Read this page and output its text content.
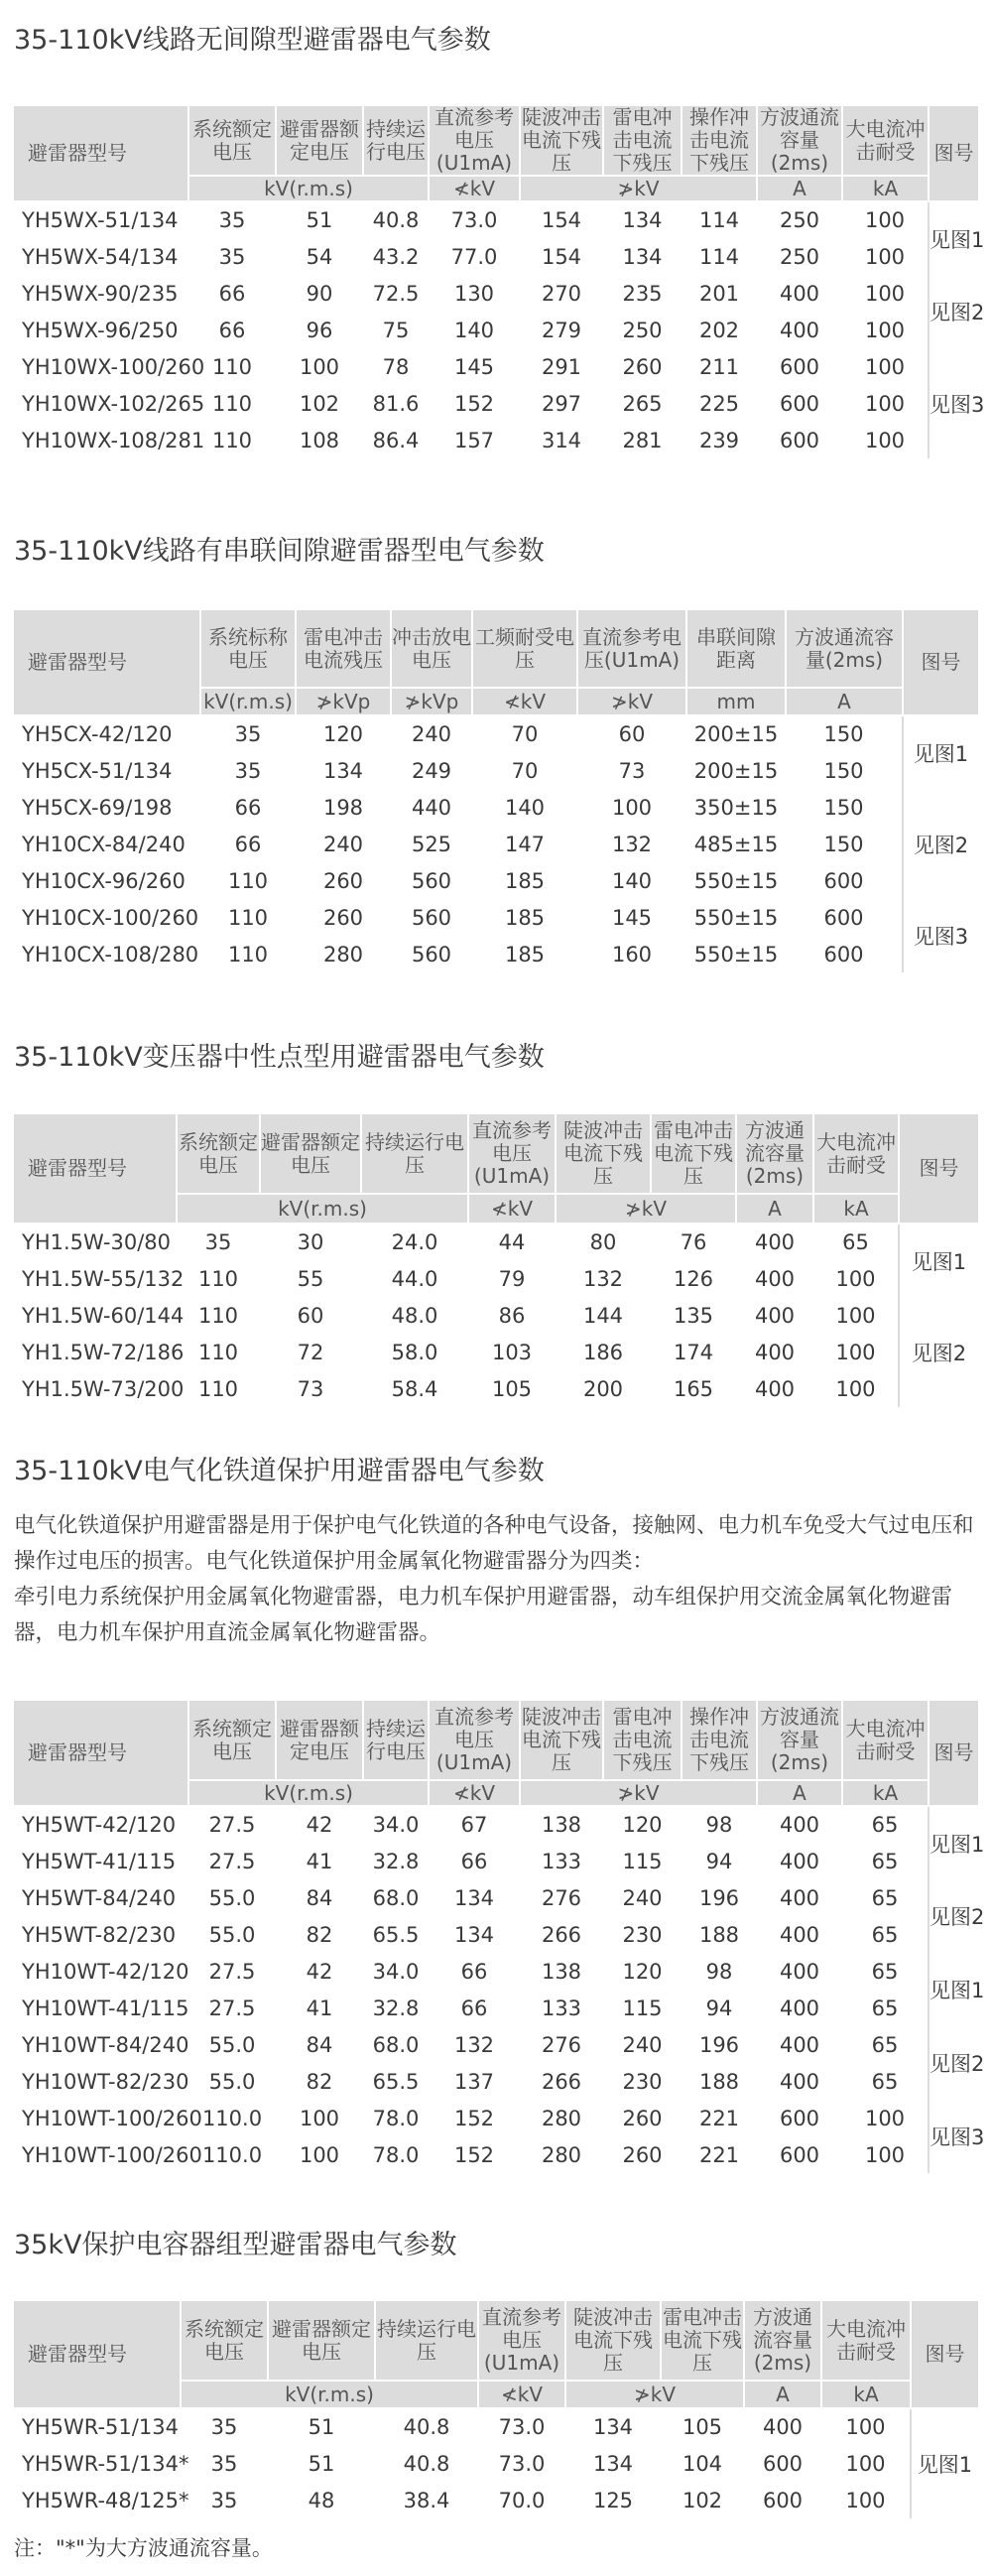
35-110kV线路无间隙型避雷器电气参数
避雷器型号	系统额定电压	避雷器额定电压	持续运行电压	直流参考电压(U1mA)	陡波冲击电流下残压	雷电冲击电流下残压	操作冲击电流下残压	方波通流容量(2ms)	大电流冲击耐受	图号
	kV(r.m.s)			≮kV	≯kV			A	kA	
YH5WX-51/134	35	51	40.8	73.0	154	134	114	250	100	见图1
YH5WX-54/134	35	54	43.2	77.0	154	134	114	250	100	
YH5WX-90/235	66	90	72.5	130	270	235	201	400	100	见图2
YH5WX-96/250	66	96	75	140	279	250	202	400	100	
YH10WX-100/260	110	100	78	145	291	260	211	600	100	见图3
YH10WX-102/265	110	102	81.6	152	297	265	225	600	100	
YH10WX-108/281	110	108	86.4	157	314	281	239	600	100	
35-110kV线路有串联间隙避雷器型电气参数
避雷器型号	系统标称电压	雷电冲击电流残压	冲击放电电压	工频耐受电压	直流参考电压(U1mA)	串联间隙距离	方波通流容量(2ms)	图号
	kV(r.m.s)	≯kVp	≯kVp	≮kV	≯kV	mm	A	
YH5CX-42/120	35	120	240	70	60	200±15	150	见图1
YH5CX-51/134	35	134	249	70	73	200±15	150	
YH5CX-69/198	66	198	440	140	100	350±15	150	见图2
YH10CX-84/240	66	240	525	147	132	485±15	150	
YH10CX-96/260	110	260	560	185	140	550±15	600	
YH10CX-100/260	110	260	560	185	145	550±15	600	见图3
YH10CX-108/280	110	280	560	185	160	550±15	600	
35-110kV变压器中性点型用避雷器电气参数
避雷器型号	系统额定电压	避雷器额定电压	持续运行电压	直流参考电压(U1mA)	陡波冲击电流下残压	雷电冲击电流下残压	方波通流容量(2ms)	大电流冲击耐受	图号
	kV(r.m.s)			≮kV	≯kV		A	kA	
YH1.5W-30/80	35	30	24.0	44	80	76	400	65	见图1
YH1.5W-55/132	110	55	44.0	79	132	126	400	100	
YH1.5W-60/144	110	60	48.0	86	144	135	400	100	见图2
YH1.5W-72/186	110	72	58.0	103	186	174	400	100	
YH1.5W-73/200	110	73	58.4	105	200	165	400	100	
35-110kV电气化铁道保护用避雷器电气参数

电气化铁道保护用避雷器是用于保护电气化铁道的各种电气设备，接触网、电力机车免受大气过电压和操作过电压的损害。电气化铁道保护用金属氧化物避雷器分为四类：

牵引电力系统保护用金属氧化物避雷器，电力机车保护用避雷器，动车组保护用交流金属氧化物避雷器，电力机车保护用直流金属氧化物避雷器。

避雷器型号	系统额定电压	避雷器额定电压	持续运行电压	直流参考电压(U1mA)	陡波冲击电流下残压	雷电冲击电流下残压	操作冲击电流下残压	方波通流容量(2ms)	大电流冲击耐受	图号
	kV(r.m.s)			≮kV	≯kV			A	kA	
YH5WT-42/120	27.5	42	34.0	67	138	120	98	400	65	见图1
YH5WT-41/115	27.5	41	32.8	66	133	115	94	400	65	
YH5WT-84/240	55.0	84	68.0	134	276	240	196	400	65	见图2
YH5WT-82/230	55.0	82	65.5	134	266	230	188	400	65	
YH10WT-42/120	27.5	42	34.0	66	138	120	98	400	65	见图1
YH10WT-41/115	27.5	41	32.8	66	133	115	94	400	65	
YH10WT-84/240	55.0	84	68.0	132	276	240	196	400	65	见图2
YH10WT-82/230	55.0	82	65.5	137	266	230	188	400	65	
YH10WT-100/260	110.0	100	78.0	152	280	260	221	600	100	见图3
YH10WT-100/260	110.0	100	78.0	152	280	260	221	600	100	
35kV保护电容器组型避雷器电气参数
避雷器型号	系统额定电压	避雷器额定电压	持续运行电压	直流参考电压(U1mA)	陡波冲击电流下残压	雷电冲击电流下残压	方波通流容量(2ms)	大电流冲击耐受	图号
	kV(r.m.s)			≮kV	≯kV		A	kA	
YH5WR-51/134	35	51	40.8	73.0	134	105	400	100	见图1
YH5WR-51/134*	35	51	40.8	73.0	134	104	600	100	
YH5WR-48/125*	35	48	38.4	70.0	125	102	600	100	
注："*"为大方波通流容量。
